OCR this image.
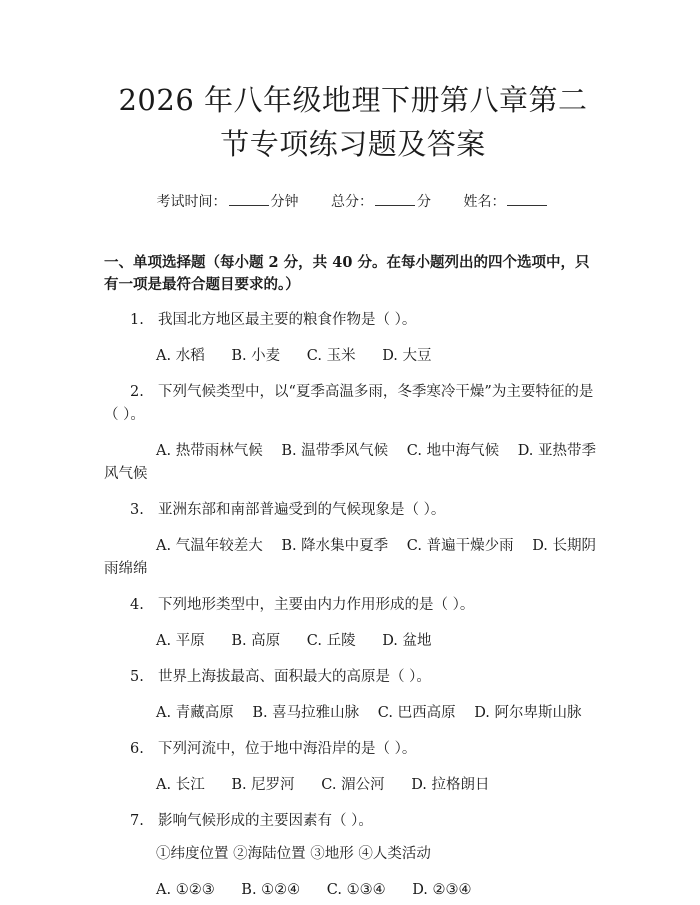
2026 年八年级地理下册第八章第二节专项练习题及答案
考试时间：	分钟 总分：	分 姓名：
一、单项选择题（每小题 2 分，共 40 分。在每小题列出的四个选项中，只有一项是最符合题目要求的。）
1. 我国北方地区最主要的粮食作物是（ ）。
A. 水稻 B. 小麦 C. 玉米 D. 大豆
2. 下列气候类型中，以“夏季高温多雨，冬季寒冷干燥”为主要特征的是（ ）。
A. 热带雨林气候 B. 温带季风气候 C. 地中海气候 D. 亚热带季风气候
3. 亚洲东部和南部普遍受到的气候现象是（ ）。
A. 气温年较差大 B. 降水集中夏季 C. 普遍干燥少雨 D. 长期阴雨绵绵
4. 下列地形类型中，主要由内力作用形成的是（ ）。
A. 平原 B. 高原 C. 丘陵 D. 盆地
5. 世界上海拔最高、面积最大的高原是（ ）。
A. 青藏高原 B. 喜马拉雅山脉 C. 巴西高原 D. 阿尔卑斯山脉
6. 下列河流中，位于地中海沿岸的是（ ）。
A. 长江 B. 尼罗河 C. 湄公河 D. 拉格朗日
7. 影响气候形成的主要因素有（ ）。
①纬度位置 ②海陆位置 ③地形 ④人类活动
A. ①②③ B. ①②④ C. ①③④ D. ②③④
